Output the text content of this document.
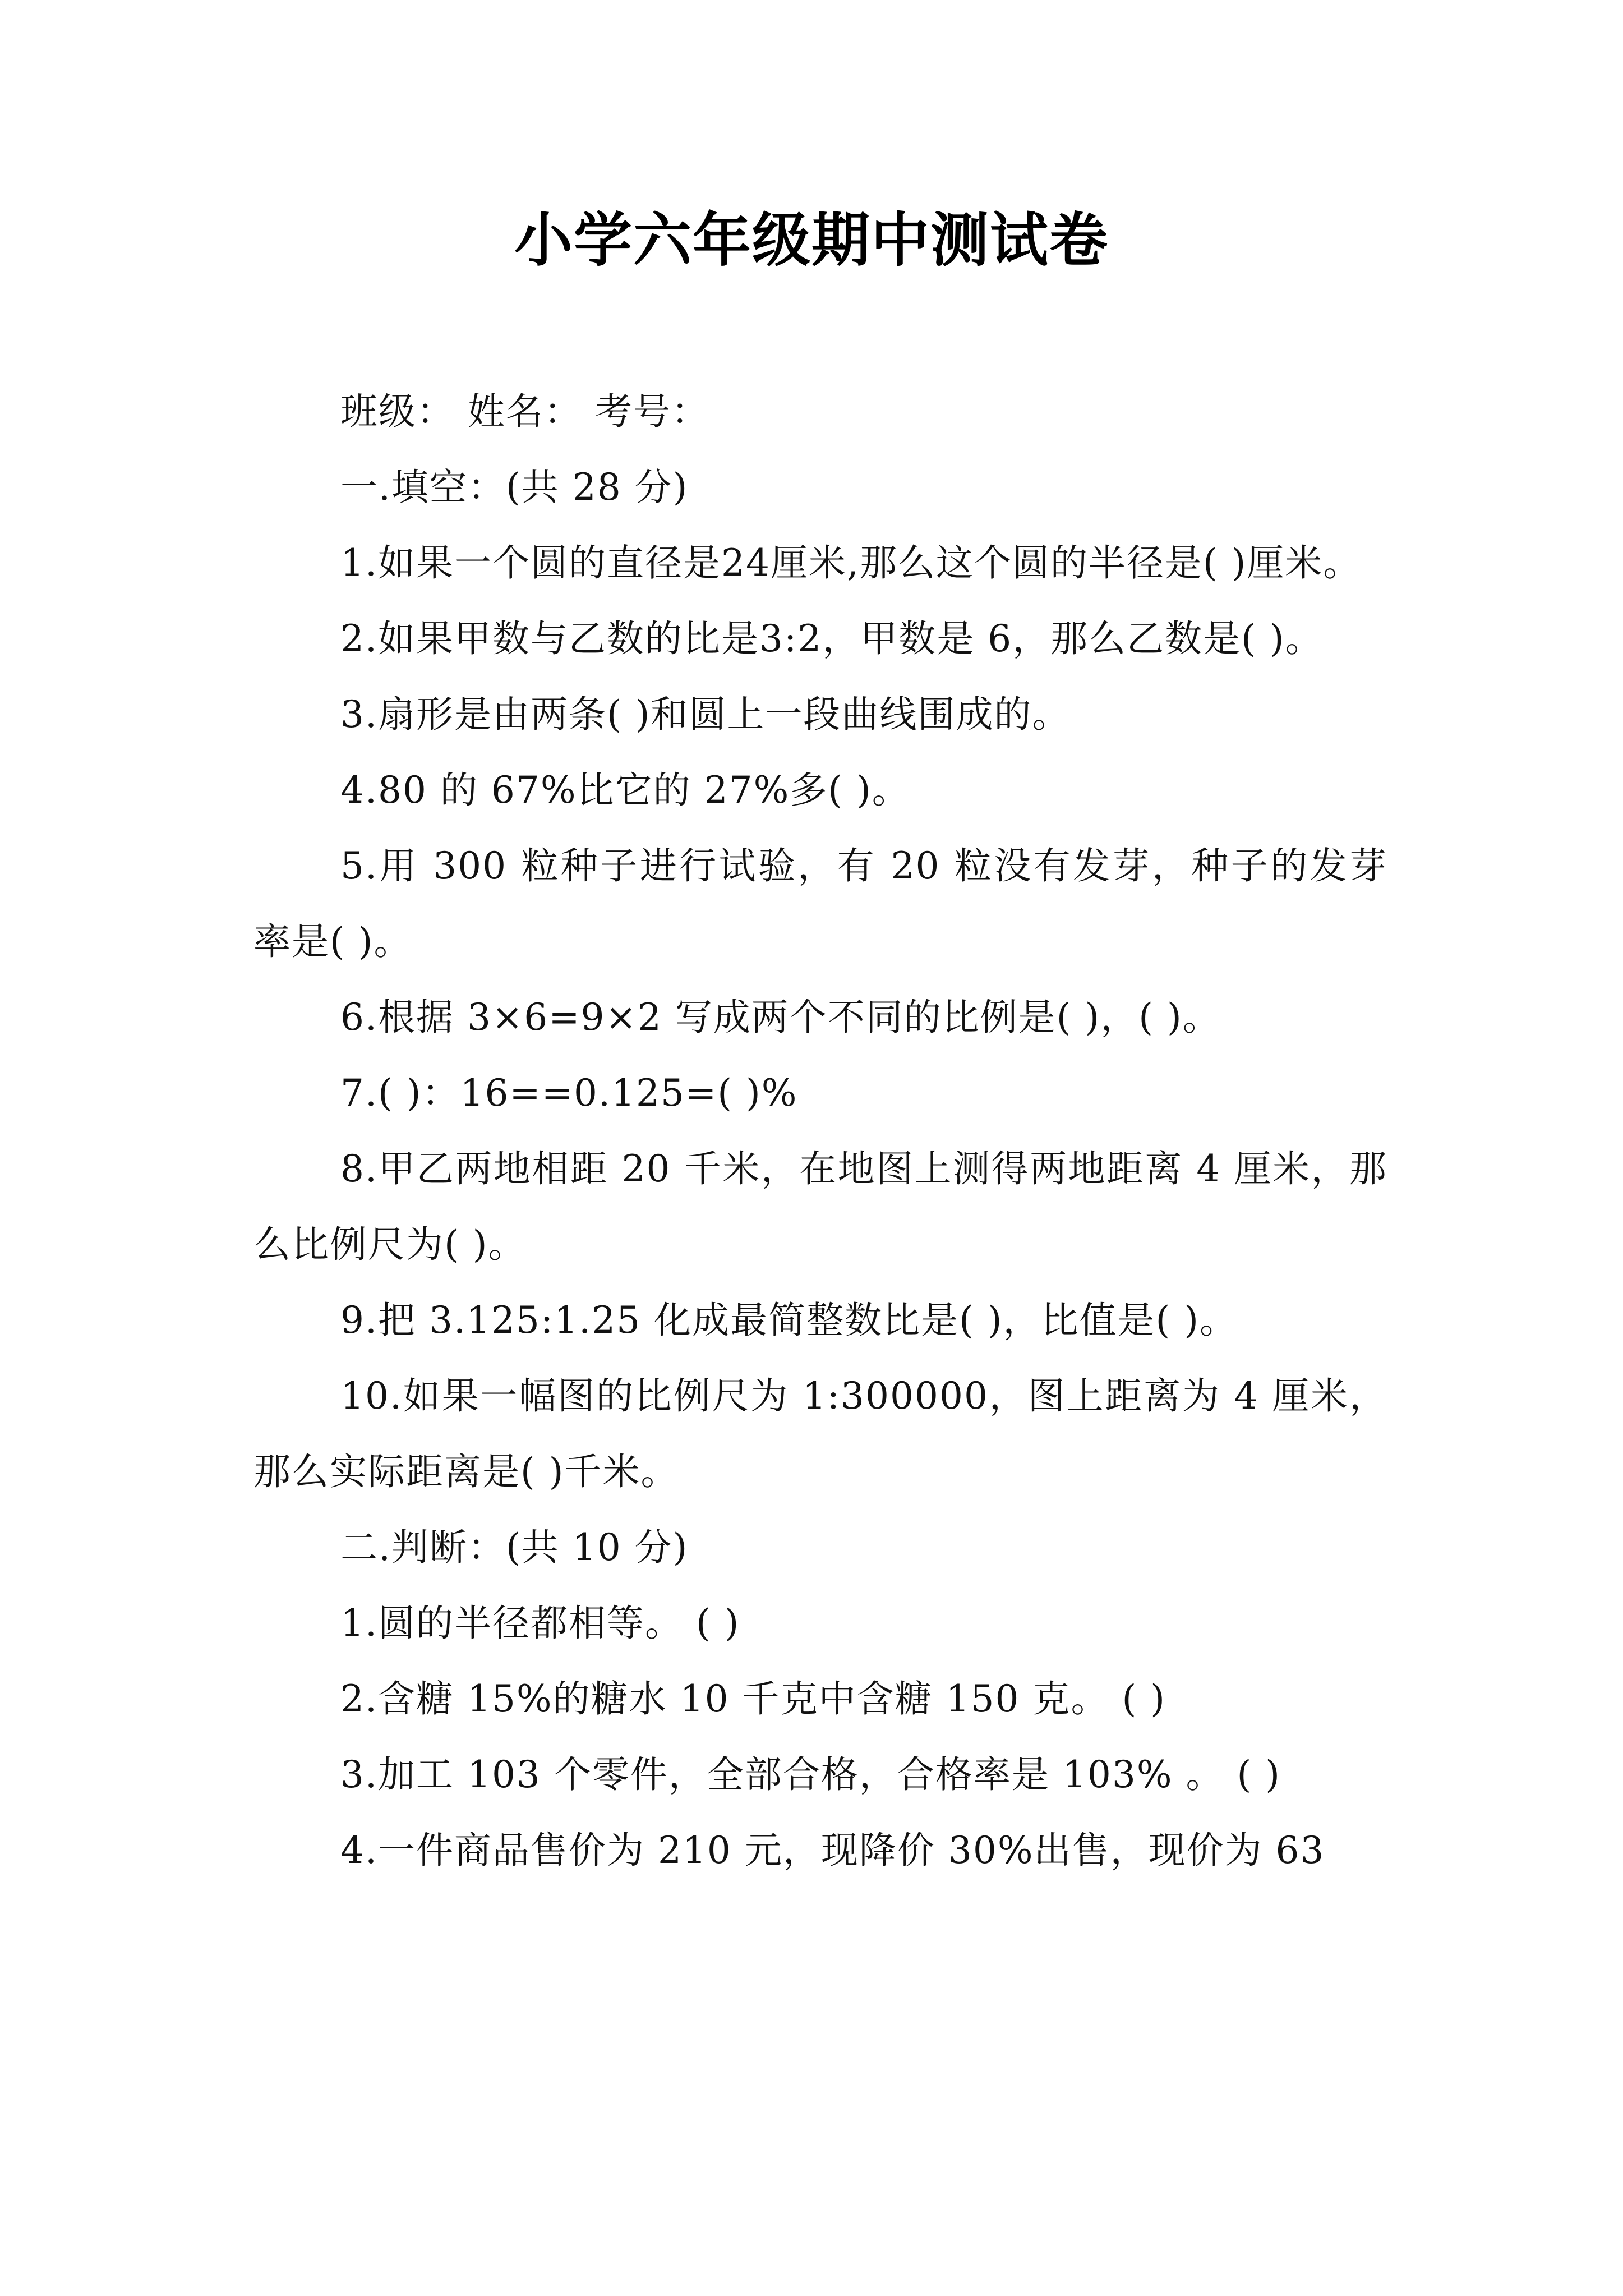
小学六年级期中测试卷

班级： 姓名： 考号：

一.填空：(共 28 分)

1.如果一个圆的直径是24厘米,那么这个圆的半径是( )厘米。

2.如果甲数与乙数的比是3:2，甲数是 6，那么乙数是( )。

3.扇形是由两条( )和圆上一段曲线围成的。

4.80 的 67%比它的 27%多( )。

5.用 300 粒种子进行试验，有 20 粒没有发芽，种子的发芽率是( )。

6.根据 3×6=9×2 写成两个不同的比例是( )，( )。

7.( )：16==0.125=( )%

8.甲乙两地相距 20 千米，在地图上测得两地距离 4 厘米，那么比例尺为( )。

9.把 3.125:1.25 化成最简整数比是( )，比值是( )。

10.如果一幅图的比例尺为 1:300000，图上距离为 4 厘米，那么实际距离是( )千米。

二.判断：(共 10 分)

1.圆的半径都相等。 ( )

2.含糖 15%的糖水 10 千克中含糖 150 克。 ( )

3.加工 103 个零件，全部合格，合格率是 103% 。 ( )

4.一件商品售价为 210 元，现降价 30%出售，现价为 63
